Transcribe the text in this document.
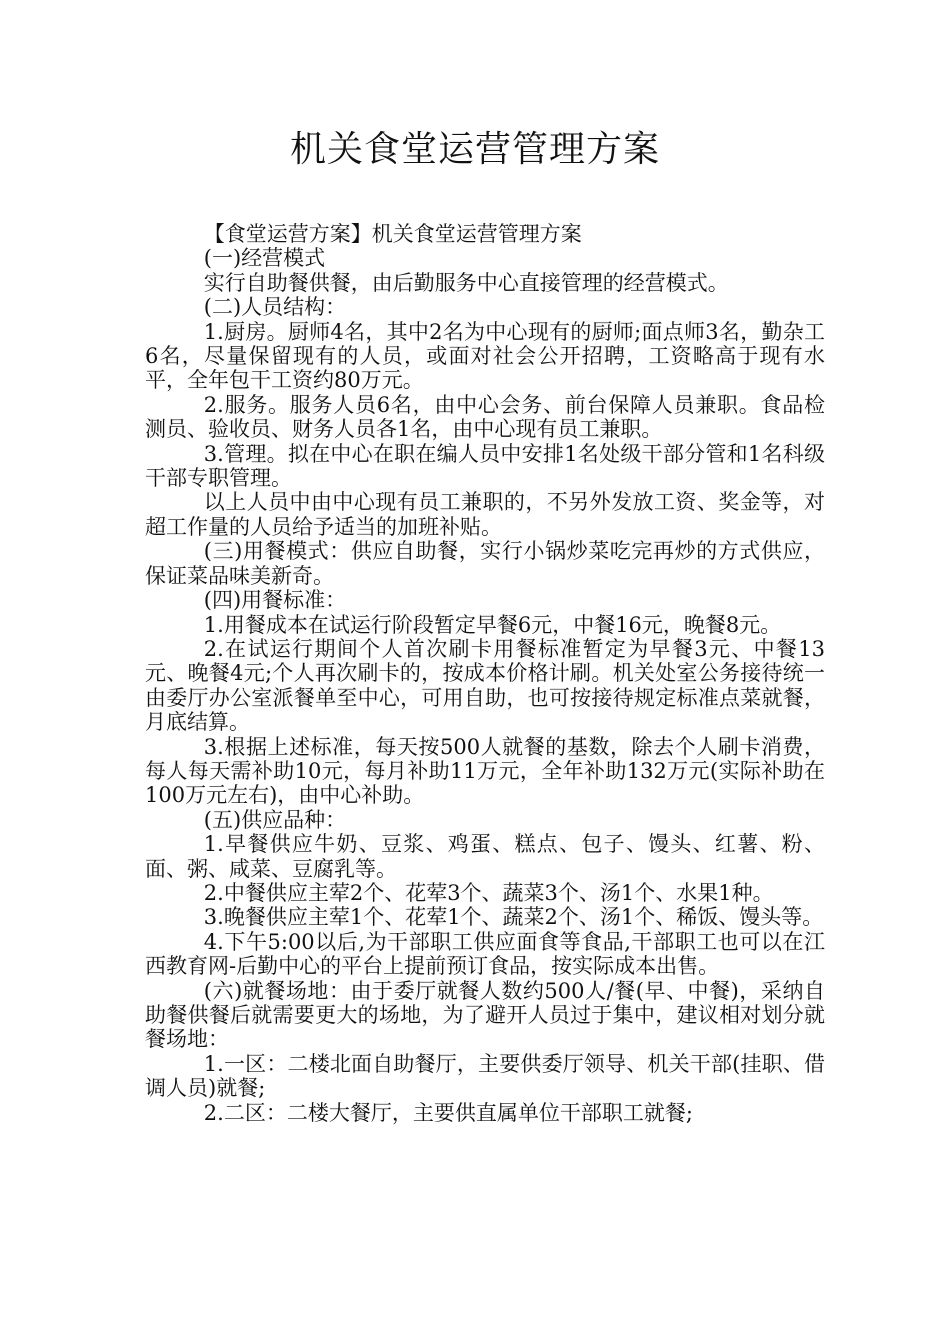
机关食堂运营管理方案

【食堂运营方案】机关食堂运营管理方案

(一)经营模式

实行自助餐供餐，由后勤服务中心直接管理的经营模式。

(二)人员结构：

1.厨房。厨师4名，其中2名为中心现有的厨师;面点师3名，勤杂工6名，尽量保留现有的人员，或面对社会公开招聘，工资略高于现有水平，全年包干工资约80万元。

2.服务。服务人员6名，由中心会务、前台保障人员兼职。食品检测员、验收员、财务人员各1名，由中心现有员工兼职。

3.管理。拟在中心在职在编人员中安排1名处级干部分管和1名科级干部专职管理。

以上人员中由中心现有员工兼职的，不另外发放工资、奖金等，对超工作量的人员给予适当的加班补贴。

(三)用餐模式：供应自助餐，实行小锅炒菜吃完再炒的方式供应，保证菜品味美新奇。

(四)用餐标准：

1.用餐成本在试运行阶段暂定早餐6元，中餐16元，晚餐8元。

2.在试运行期间个人首次刷卡用餐标准暂定为早餐3元、中餐13元、晚餐4元;个人再次刷卡的，按成本价格计刷。机关处室公务接待统一由委厅办公室派餐单至中心，可用自助，也可按接待规定标准点菜就餐，月底结算。

3.根据上述标准，每天按500人就餐的基数，除去个人刷卡消费，每人每天需补助10元，每月补助11万元，全年补助132万元(实际补助在100万元左右)，由中心补助。

(五)供应品种：

1.早餐供应牛奶、豆浆、鸡蛋、糕点、包子、馒头、红薯、粉、面、粥、咸菜、豆腐乳等。

2.中餐供应主荤2个、花荤3个、蔬菜3个、汤1个、水果1种。

3.晚餐供应主荤1个、花荤1个、蔬菜2个、汤1个、稀饭、馒头等。

4.下午5:00以后,为干部职工供应面食等食品,干部职工也可以在江西教育网-后勤中心的平台上提前预订食品，按实际成本出售。

(六)就餐场地：由于委厅就餐人数约500人/餐(早、中餐)，采纳自助餐供餐后就需要更大的场地，为了避开人员过于集中，建议相对划分就餐场地：

1.一区：二楼北面自助餐厅，主要供委厅领导、机关干部(挂职、借调人员)就餐;

2.二区：二楼大餐厅，主要供直属单位干部职工就餐;
